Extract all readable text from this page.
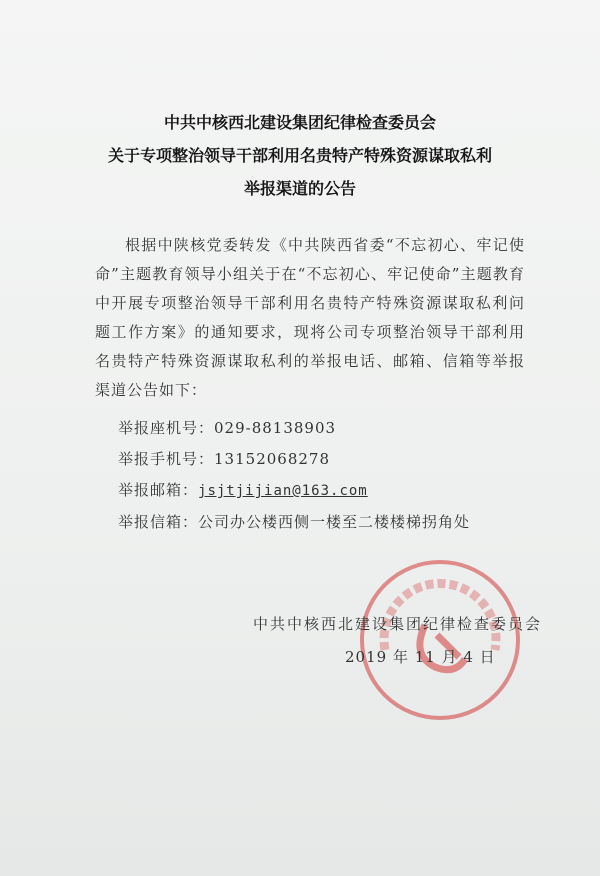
中共中核西北建设集团纪律检查委员会
关于专项整治领导干部利用名贵特产特殊资源谋取私利
举报渠道的公告
根据中陕核党委转发《中共陕西省委“不忘初心、牢记使命”主题教育领导小组关于在“不忘初心、牢记使命”主题教育中开展专项整治领导干部利用名贵特产特殊资源谋取私利问题工作方案》的通知要求，现将公司专项整治领导干部利用名贵特产特殊资源谋取私利的举报电话、邮箱、信箱等举报渠道公告如下：
举报座机号：029-88138903
举报手机号：13152068278
举报邮箱：jsjtjijian@163.com
举报信箱：公司办公楼西侧一楼至二楼楼梯拐角处
中共中核西北建设集团纪律检查委员会
2019 年 11 月 4 日
